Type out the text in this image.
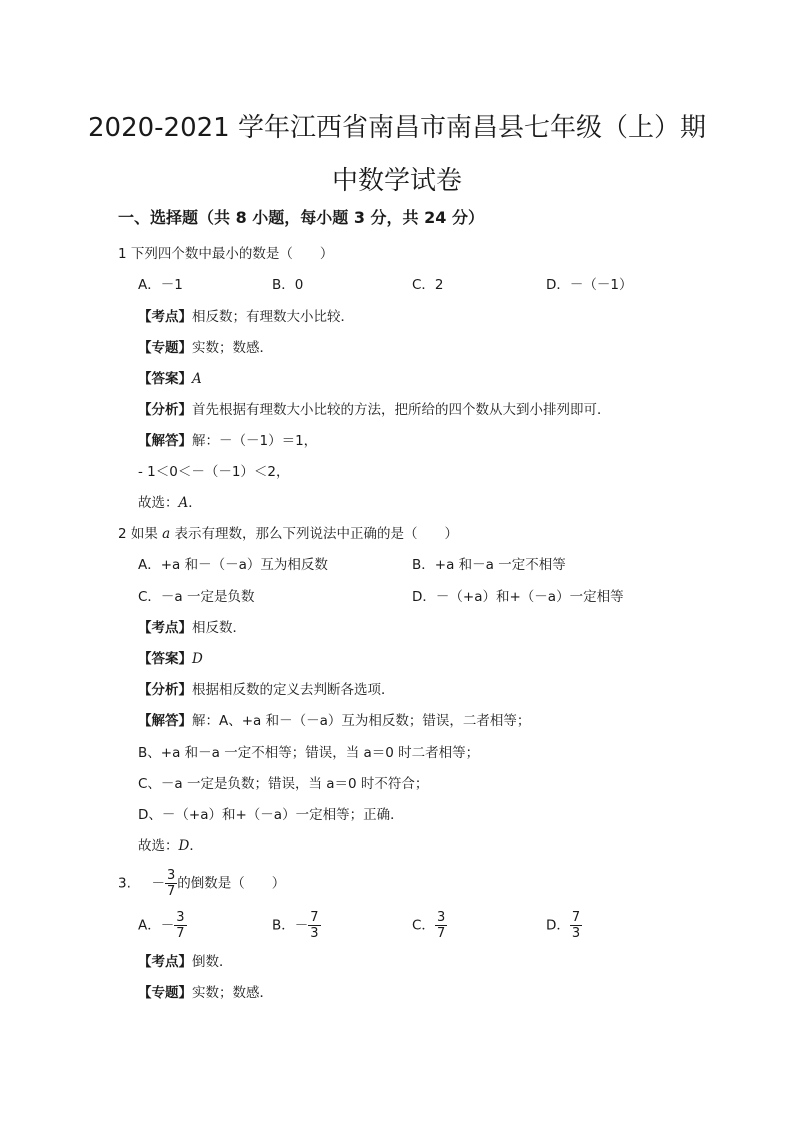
2020-2021 学年江西省南昌市南昌县七年级（上）期
中数学试卷
一、选择题（共 8 小题，每小题 3 分，共 24 分）
1 下列四个数中最小的数是（　　）
A．－1	B．0	C．2	D．－（－1）
【考点】相反数；有理数大小比较．
【专题】实数；数感．
【答案】A
【分析】首先根据有理数大小比较的方法，把所给的四个数从大到小排列即可．
【解答】解：－（－1）＝1，
- 1＜0＜－（－1）＜2，
故选：A．
2 如果 a 表示有理数，那么下列说法中正确的是（　　）
A．+a 和－（－a）互为相反数	B．+a 和－a 一定不相等
C．－a 一定是负数	D．－（+a）和+（－a）一定相等
【考点】相反数．
【答案】D
【分析】根据相反数的定义去判断各选项．
【解答】解：A、+a 和－（－a）互为相反数；错误，二者相等；
B、+a 和－a 一定不相等；错误，当 a＝0 时二者相等；
C、－a 一定是负数；错误，当 a＝0 时不符合；
D、－（+a）和+（－a）一定相等；正确．
故选：D．
3. － $\frac{3}{7}$ 的倒数是（　　）
A．－ $\frac{3}{7}$	B．－ $\frac{7}{3}$	C． $\frac{3}{7}$	D． $\frac{7}{3}$
【考点】倒数．
【专题】实数；数感．
